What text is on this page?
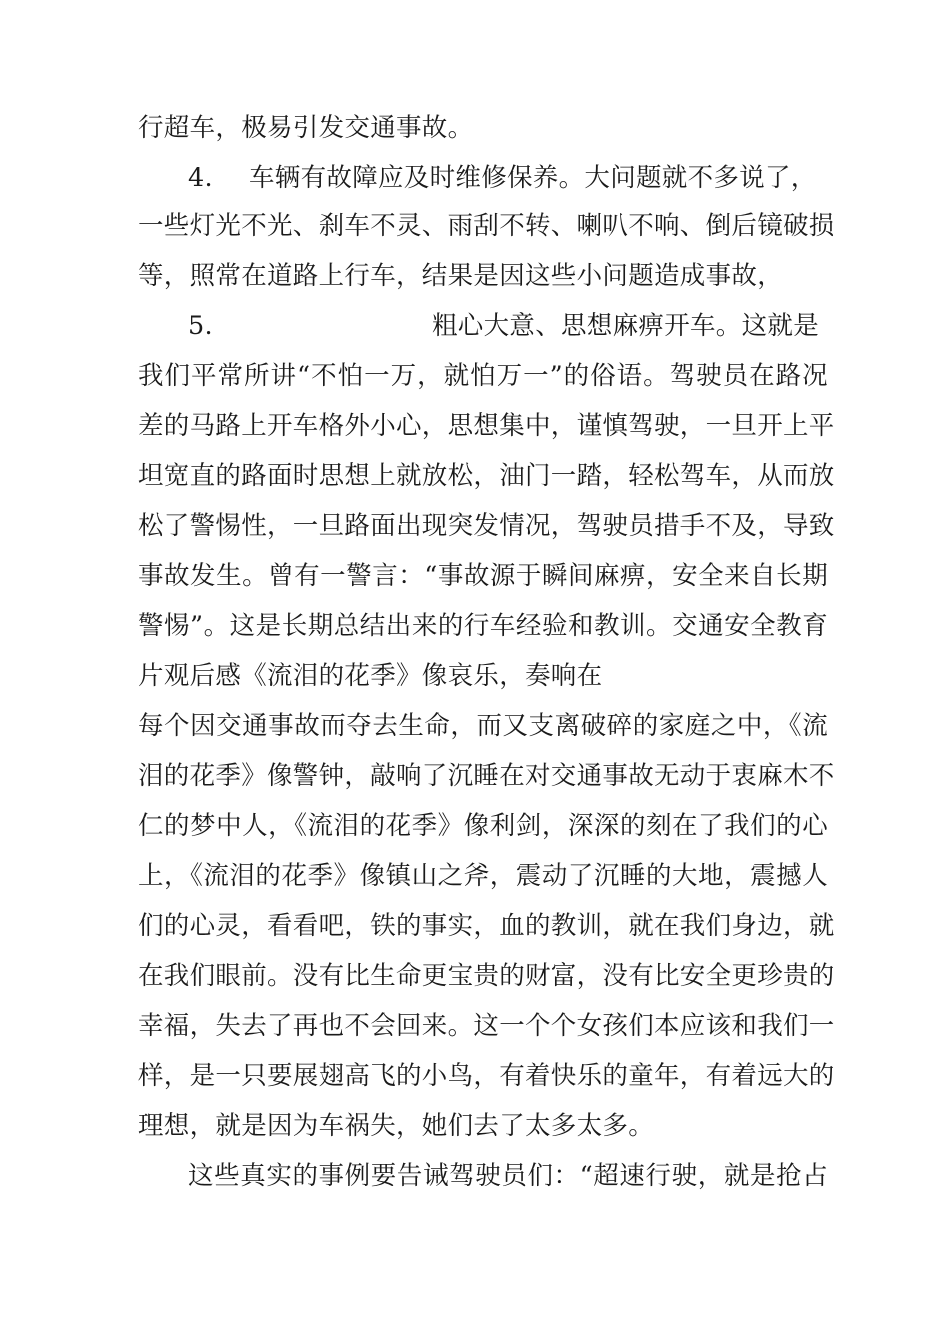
行超车，极易引发交通事故。
4. 车辆有故障应及时维修保养。大问题就不多说了，
一些灯光不光、刹车不灵、雨刮不转、喇叭不响、倒后镜破损
等，照常在道路上行车，结果是因这些小问题造成事故，
5.	粗心大意、思想麻痹开车。这就是
我们平常所讲“不怕一万，就怕万一”的俗语。驾驶员在路况
差的马路上开车格外小心，思想集中，谨慎驾驶，一旦开上平
坦宽直的路面时思想上就放松，油门一踏，轻松驾车，从而放
松了警惕性，一旦路面出现突发情况，驾驶员措手不及，导致
事故发生。曾有一警言：“事故源于瞬间麻痹，安全来自长期
警惕”。这是长期总结出来的行车经验和教训。交通安全教育
片观后感《流泪的花季》像哀乐，奏响在
每个因交通事故而夺去生命，而又支离破碎的家庭之中，《流
泪的花季》像警钟，敲响了沉睡在对交通事故无动于衷麻木不
仁的梦中人，《流泪的花季》像利剑，深深的刻在了我们的心
上，《流泪的花季》像镇山之斧，震动了沉睡的大地，震撼人
们的心灵，看看吧，铁的事实，血的教训，就在我们身边，就
在我们眼前。没有比生命更宝贵的财富，没有比安全更珍贵的
幸福，失去了再也不会回来。这一个个女孩们本应该和我们一
样，是一只要展翅高飞的小鸟，有着快乐的童年，有着远大的
理想，就是因为车祸失，她们去了太多太多。
这些真实的事例要告诫驾驶员们：“超速行驶，就是抢占
